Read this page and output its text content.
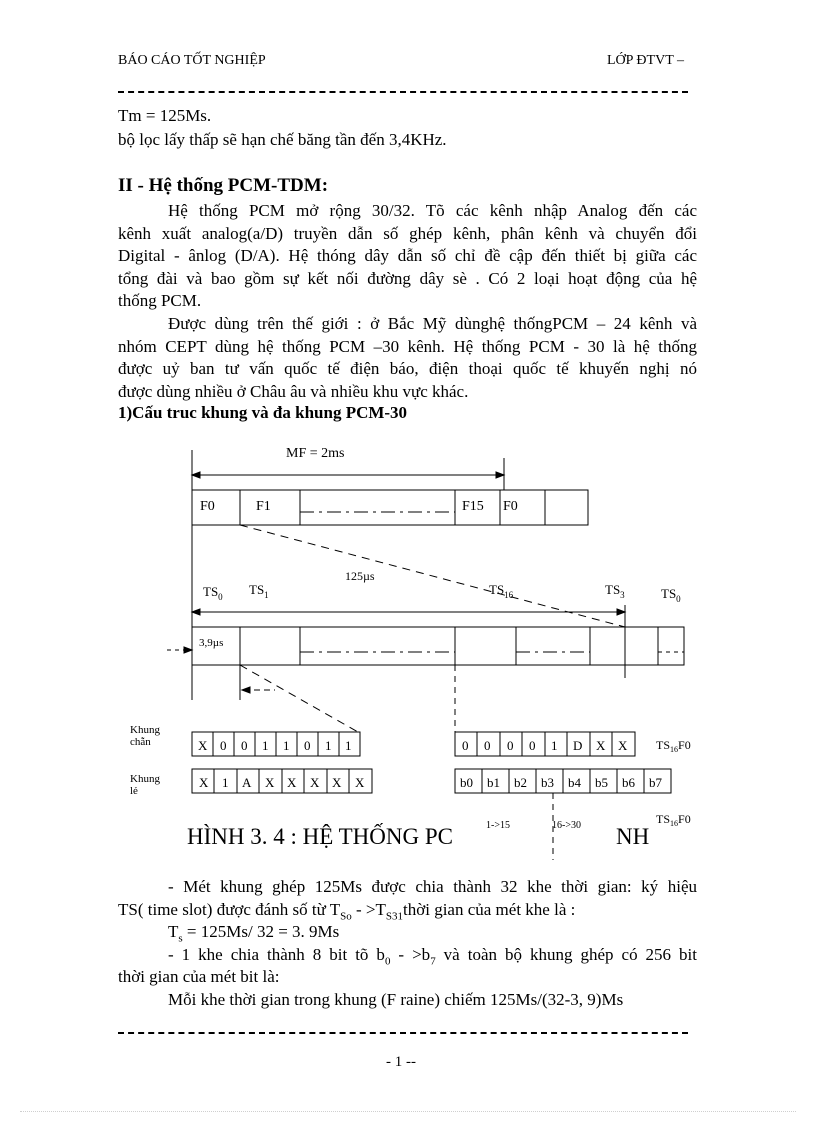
BÁO CÁO TỐT NGHIỆP	LỚP ĐTVT –
Tm = 125Ms.
bộ lọc lấy thấp sẽ hạn chế băng tần đến 3,4KHz.
II - Hệ thống PCM-TDM:
Hệ thống PCM mở rộng 30/32. Tõ các kênh nhập Analog đến các
kênh xuất analog(a/D) truyền dẫn số ghép kênh, phân kênh và chuyển đổi
Digital - ânlog (D/A). Hệ thóng dây dẫn số chỉ đề cập đến thiết bị giữa các
tổng đài và bao gồm sự kết nối đường dây sè . Có 2 loại hoạt động của hệ
thống PCM.
Được dùng trên thế giới : ở Bắc Mỹ dùnghệ thốngPCM – 24 kênh và
nhóm CEPT dùng hệ thống PCM –30 kênh. Hệ thống PCM - 30 là hệ thống
được uỷ ban tư vấn quốc tế điện báo, điện thoại quốc tế khuyến nghị nó
được dùng nhiều ở Châu âu và nhiều khu vực khác.
1)Cấu truc khung và đa khung PCM-30
MF = 2ms
F0	F1	F15 F0
125µs
$TS_0$ $TS_1$	$TS_{16}$	$TS_3$	$TS_0$
3,9µs
Khung
chẵn
Khung
lẻ
X 0 0 1 1 0 1 1
X 1 A X X X X X
0 0 0 0 1 D X X
b0 b1 b2 b3 b4 b5 b6 b7
$TS_{16}F0$
$TS_{16}F0$
HÌNH 3. 4 : HỆ THỐNG PC	1->15	16->30 NH
- Mét khung ghép 125Ms được chia thành 32 khe thời gian: ký hiệu
TS( time slot) được đánh số từ $T_{So}$ - $>T_{S31}thời$ gian của mét khe là :
$T_s = 125Ms/$ 32 = 3. 9Ms
- 1 khe chia thành 8 bit tõ $b_0 - >b_7$ và toàn bộ khung ghép có 256 bit
thời gian của mét bit là:
Mỗi khe thời gian trong khung (F raine) chiếm 125Ms/(32-3, 9)Ms
- 1 --
